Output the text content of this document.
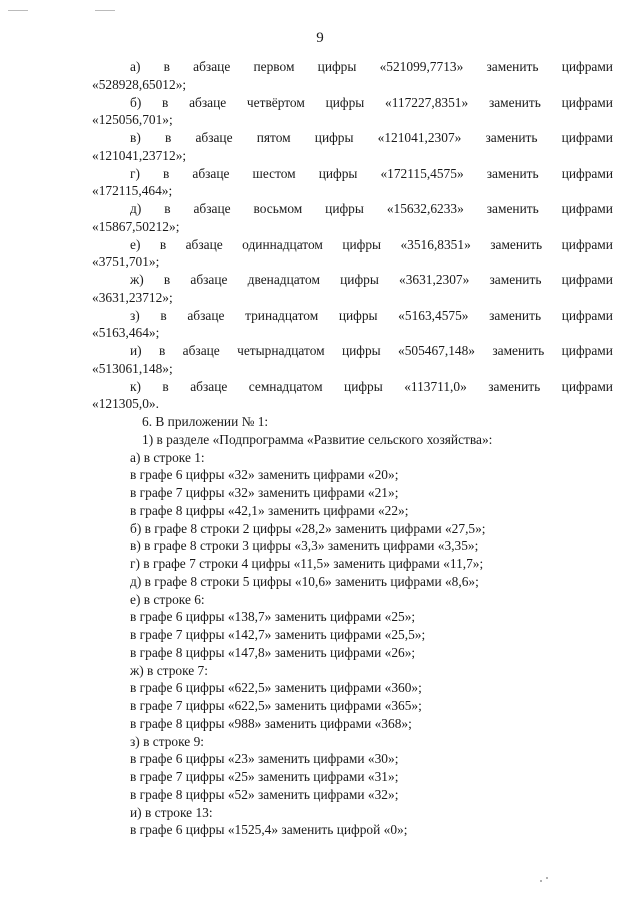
9
а) в абзаце первом цифры «521099,7713» заменить цифрами
«528928,65012»;
б) в абзаце четвёртом цифры «117227,8351» заменить цифрами
«125056,701»;
в) в абзаце пятом цифры «121041,2307» заменить цифрами
«121041,23712»;
г) в абзаце шестом цифры «172115,4575» заменить цифрами
«172115,464»;
д) в абзаце восьмом цифры «15632,6233» заменить цифрами
«15867,50212»;
е) в абзаце одиннадцатом цифры «3516,8351» заменить цифрами
«3751,701»;
ж) в абзаце двенадцатом цифры «3631,2307» заменить цифрами
«3631,23712»;
з) в абзаце тринадцатом цифры «5163,4575» заменить цифрами
«5163,464»;
и) в абзаце четырнадцатом цифры «505467,148» заменить цифрами
«513061,148»;
к) в абзаце семнадцатом цифры «113711,0» заменить цифрами
«121305,0».
6. В приложении № 1:
1) в разделе «Подпрограмма «Развитие сельского хозяйства»:
а) в строке 1:
в графе 6 цифры «32» заменить цифрами «20»;
в графе 7 цифры «32» заменить цифрами «21»;
в графе 8 цифры «42,1» заменить цифрами «22»;
б) в графе 8 строки 2 цифры «28,2» заменить цифрами «27,5»;
в) в графе 8 строки 3 цифры «3,3» заменить цифрами «3,35»;
г) в графе 7 строки 4 цифры «11,5» заменить цифрами «11,7»;
д) в графе 8 строки 5 цифры «10,6» заменить цифрами «8,6»;
е) в строке 6:
в графе 6 цифры «138,7» заменить цифрами «25»;
в графе 7 цифры «142,7» заменить цифрами «25,5»;
в графе 8 цифры «147,8» заменить цифрами «26»;
ж) в строке 7:
в графе 6 цифры «622,5» заменить цифрами «360»;
в графе 7 цифры «622,5» заменить цифрами «365»;
в графе 8 цифры «988» заменить цифрами «368»;
з) в строке 9:
в графе 6 цифры «23» заменить цифрами «30»;
в графе 7 цифры «25» заменить цифрами «31»;
в графе 8 цифры «52» заменить цифрами «32»;
и) в строке 13:
в графе 6 цифры «1525,4» заменить цифрой «0»;
